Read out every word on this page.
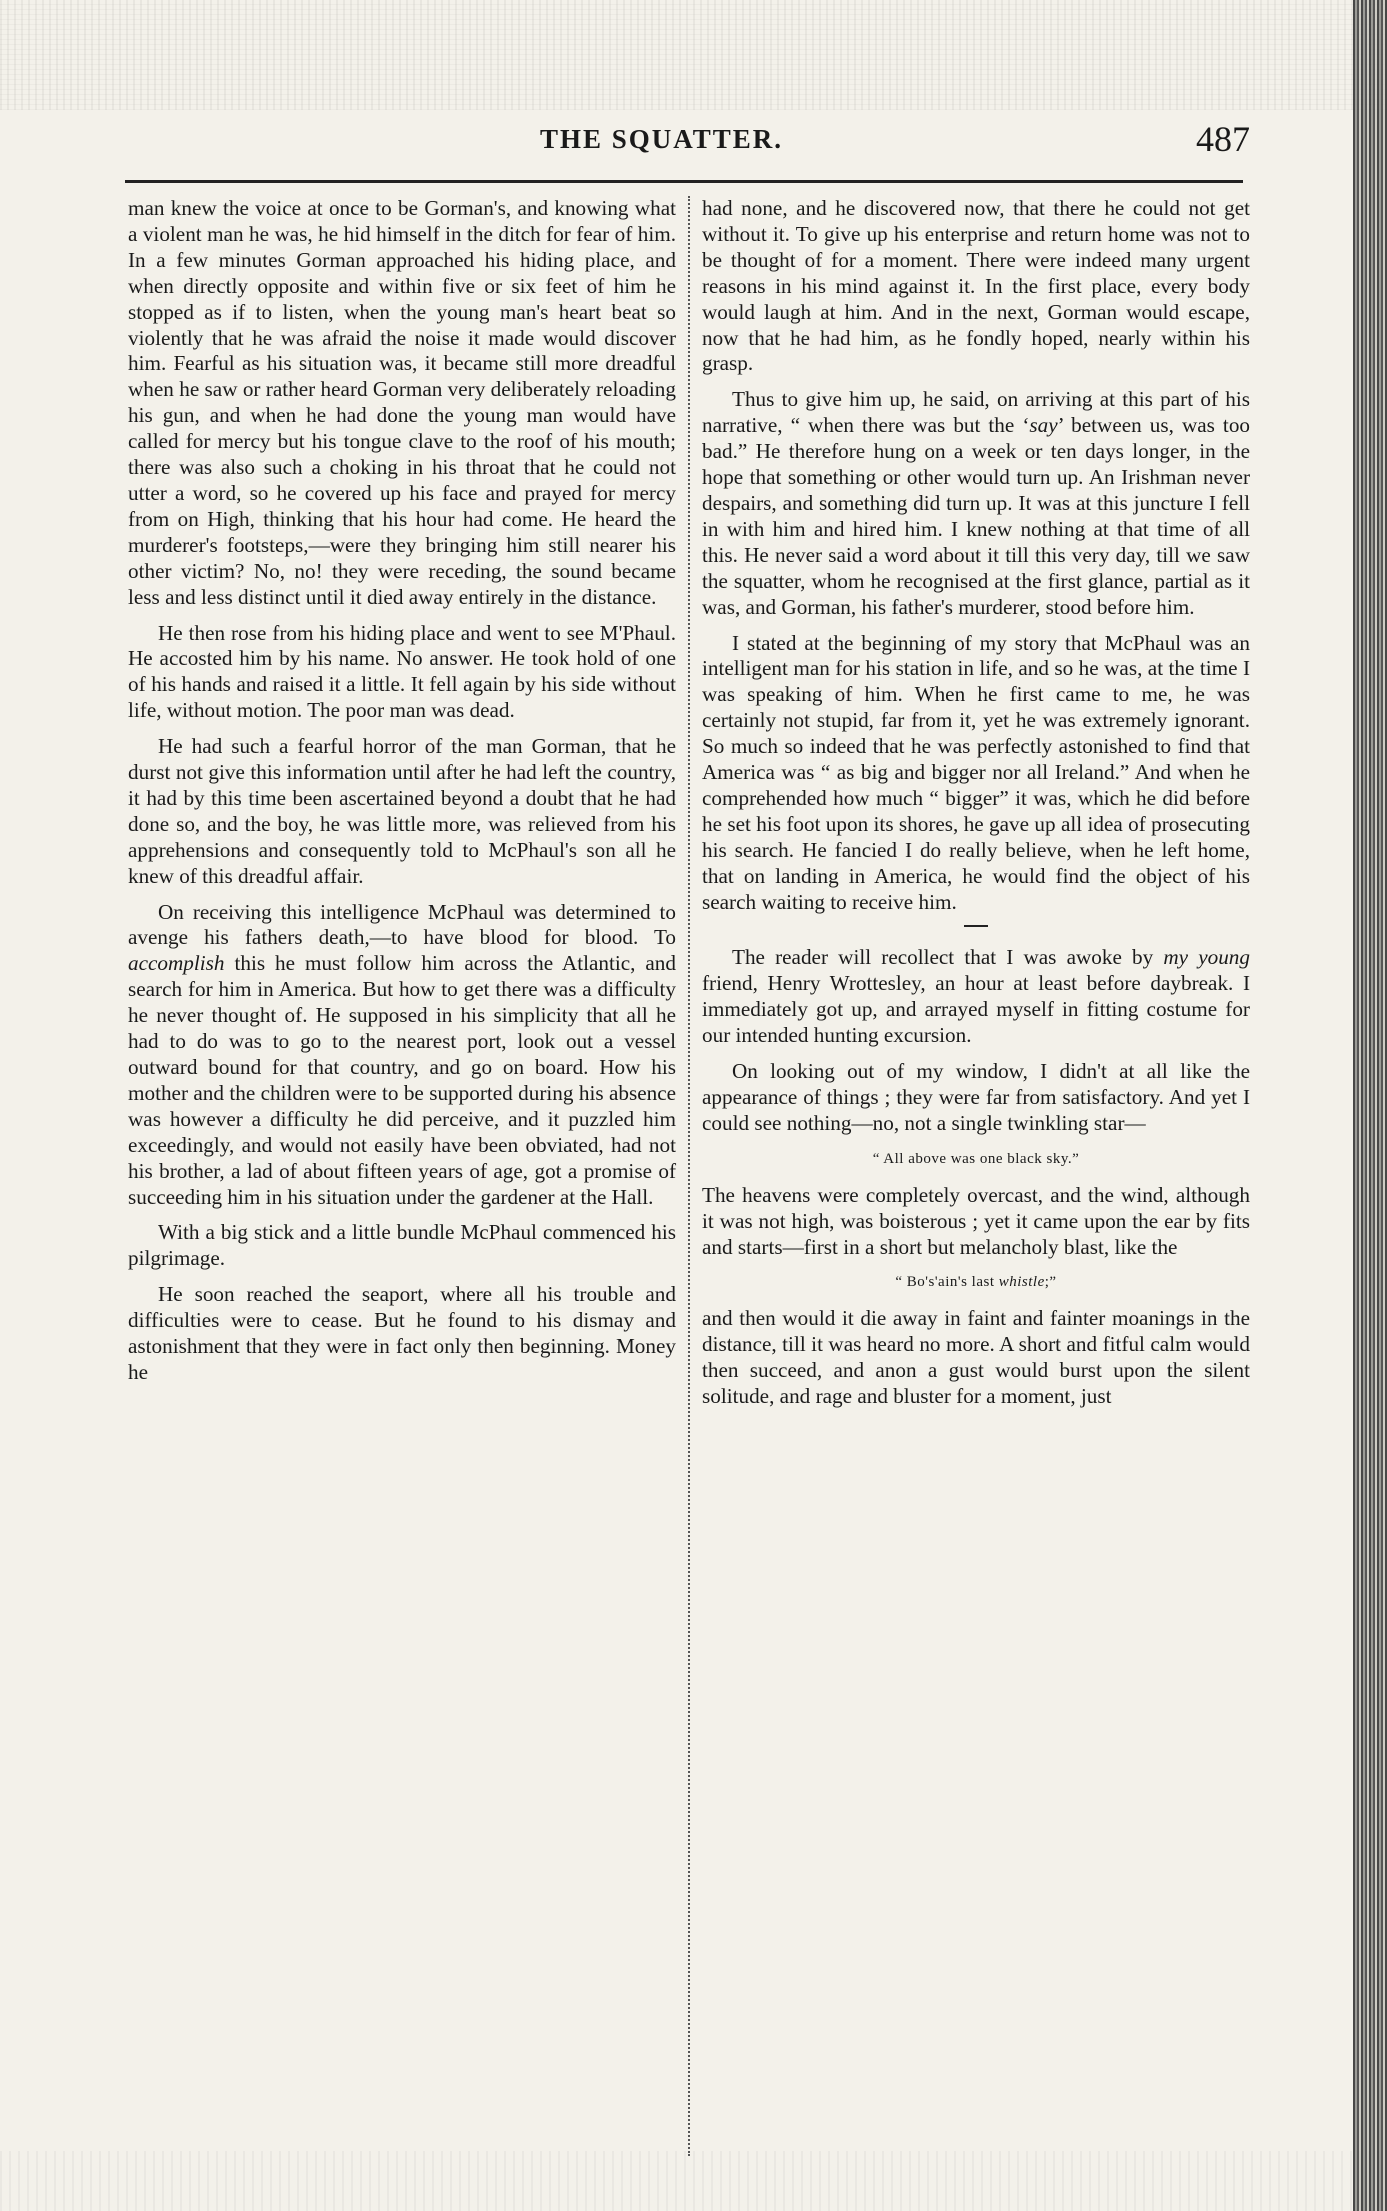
THE SQUATTER.	487

man knew the voice at once to be Gorman's, and knowing what a violent man he was, he hid himself in the ditch for fear of him. In a few minutes Gorman approached his hiding place, and when directly opposite and within five or six feet of him he stopped as if to listen, when the young man's heart beat so violently that he was afraid the noise it made would discover him. Fearful as his situation was, it became still more dreadful when he saw or rather heard Gorman very deliberately reloading his gun, and when he had done the young man would have called for mercy but his tongue clave to the roof of his mouth; there was also such a choking in his throat that he could not utter a word, so he covered up his face and prayed for mercy from on High, thinking that his hour had come. He heard the murderer's footsteps,—were they bringing him still nearer his other victim? No, no! they were receding, the sound became less and less distinct until it died away entirely in the distance.

He then rose from his hiding place and went to see M'Phaul. He accosted him by his name. No answer. He took hold of one of his hands and raised it a little. It fell again by his side without life, without motion. The poor man was dead.

He had such a fearful horror of the man Gorman, that he durst not give this information until after he had left the country, it had by this time been ascertained beyond a doubt that he had done so, and the boy, he was little more, was relieved from his apprehensions and consequently told to McPhaul's son all he knew of this dreadful affair.

On receiving this intelligence McPhaul was determined to avenge his fathers death,—to have blood for blood. To accomplish this he must follow him across the Atlantic, and search for him in America. But how to get there was a difficulty he never thought of. He supposed in his simplicity that all he had to do was to go to the nearest port, look out a vessel outward bound for that country, and go on board. How his mother and the children were to be supported during his absence was however a difficulty he did perceive, and it puzzled him exceedingly, and would not easily have been obviated, had not his brother, a lad of about fifteen years of age, got a promise of succeeding him in his situation under the gardener at the Hall.

With a big stick and a little bundle McPhaul commenced his pilgrimage.

He soon reached the seaport, where all his trouble and difficulties were to cease. But he found to his dismay and astonishment that they were in fact only then beginning. Money he

had none, and he discovered now, that there he could not get without it. To give up his enterprise and return home was not to be thought of for a moment. There were indeed many urgent reasons in his mind against it. In the first place, every body would laugh at him. And in the next, Gorman would escape, now that he had him, as he fondly hoped, nearly within his grasp.

Thus to give him up, he said, on arriving at this part of his narrative, “ when there was but the ‘say’ between us, was too bad.” He therefore hung on a week or ten days longer, in the hope that something or other would turn up. An Irishman never despairs, and something did turn up. It was at this juncture I fell in with him and hired him. I knew nothing at that time of all this. He never said a word about it till this very day, till we saw the squatter, whom he recognised at the first glance, partial as it was, and Gorman, his father's murderer, stood before him.

I stated at the beginning of my story that McPhaul was an intelligent man for his station in life, and so he was, at the time I was speaking of him. When he first came to me, he was certainly not stupid, far from it, yet he was extremely ignorant. So much so indeed that he was perfectly astonished to find that America was “ as big and bigger nor all Ireland.” And when he comprehended how much “ bigger” it was, which he did before he set his foot upon its shores, he gave up all idea of prosecuting his search. He fancied I do really believe, when he left home, that on landing in America, he would find the object of his search waiting to receive him.

The reader will recollect that I was awoke by my young friend, Henry Wrottesley, an hour at least before daybreak. I immediately got up, and arrayed myself in fitting costume for our intended hunting excursion.

On looking out of my window, I didn't at all like the appearance of things ; they were far from satisfactory. And yet I could see nothing—no, not a single twinkling star—

“ All above was one black sky.”

The heavens were completely overcast, and the wind, although it was not high, was boisterous ; yet it came upon the ear by fits and starts—first in a short but melancholy blast, like the

“ Bo's'ain's last whistle;”

and then would it die away in faint and fainter moanings in the distance, till it was heard no more. A short and fitful calm would then succeed, and anon a gust would burst upon the silent solitude, and rage and bluster for a moment, just
